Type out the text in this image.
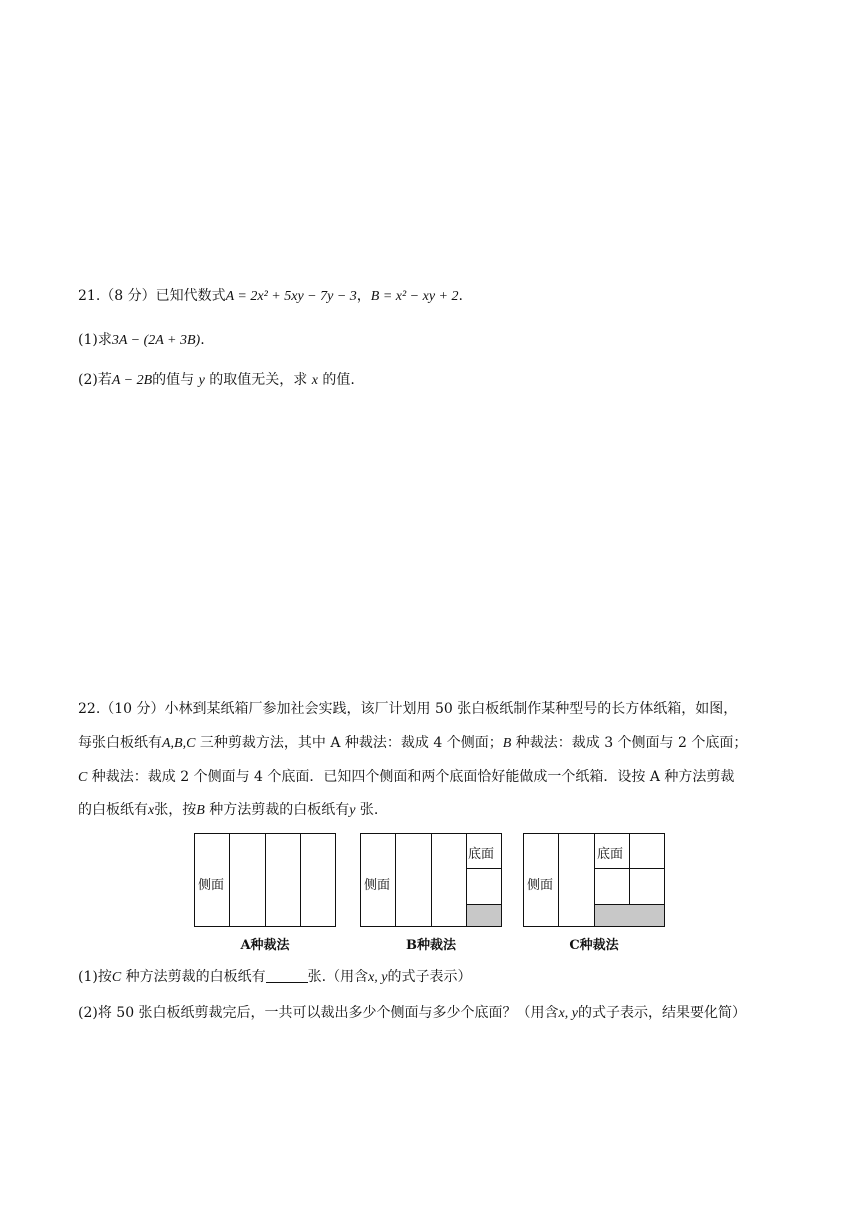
21.（8 分）已知代数式A = 2x² + 5xy − 7y − 3，B = x² − xy + 2.
(1)求3A − (2A + 3B).
(2)若A − 2B的值与 y 的取值无关，求 x 的值.
22.（10 分）小林到某纸箱厂参加社会实践，该厂计划用 50 张白板纸制作某种型号的长方体纸箱，如图，
每张白板纸有A,B,C 三种剪裁方法，其中 A 种裁法：裁成 4 个侧面；B 种裁法：裁成 3 个侧面与 2 个底面；
C 种裁法：裁成 2 个侧面与 4 个底面．已知四个侧面和两个底面恰好能做成一个纸箱．设按 A 种方法剪裁
的白板纸有x张，按B 种方法剪裁的白板纸有y 张.
侧面
A种裁法
侧面
底面
B种裁法
侧面
底面
C种裁法
(1)按C 种方法剪裁的白板纸有	张.（用含x, y的式子表示）
(2)将 50 张白板纸剪裁完后，一共可以裁出多少个侧面与多少个底面？（用含x, y的式子表示，结果要化简）
